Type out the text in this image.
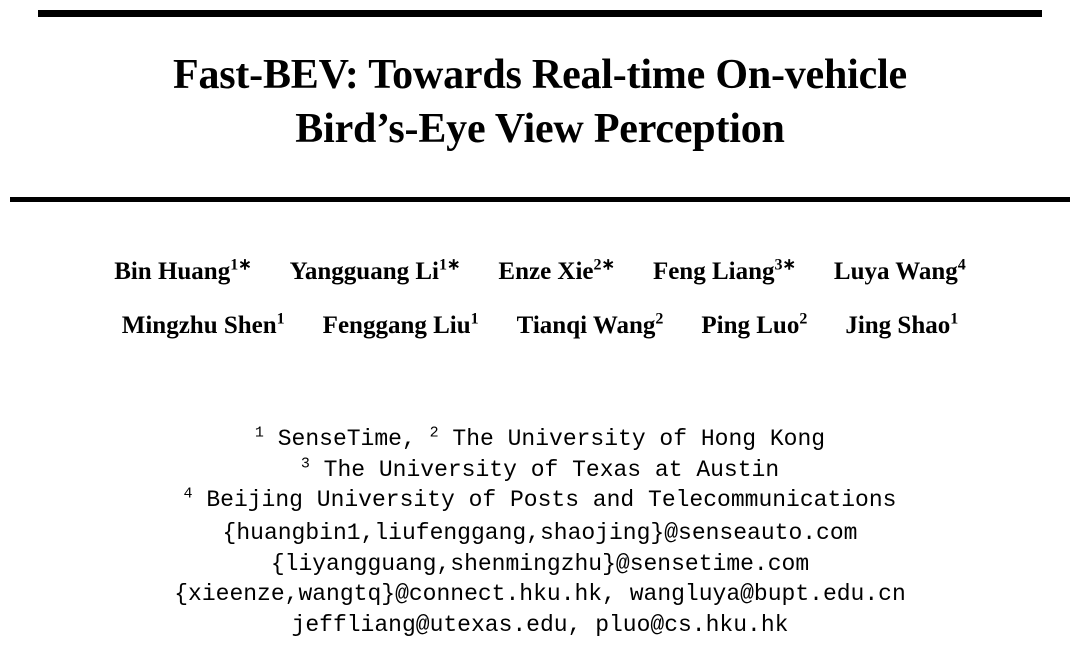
Fast-BEV: Towards Real-time On-vehicle
Bird’s-Eye View Perception
Bin Huang$^{1∗}$ Yangguang $Li^{1∗}$ Enze Xie$^{2∗}$ Feng Liang$^{3∗}$ Luya Wang$^4$
Mingzhu Shen$^1$ Fenggang Liu$^1$ Tianqi Wang$^2$ Ping Luo$^2$ Jing Shao$^1$
$^1$ SenseTime, $^2$ The University of Hong Kong
$^3$ The University of Texas at Austin
$^4$ Beijing University of Posts and Telecommunications
{huangbin1,liufenggang,shaojing}@senseauto.com
{liyangguang,shenmingzhu}@sensetime.com
{xieenze,wangtq}@connect.hku.hk, wangluya@bupt.edu.cn
jeffliang@utexas.edu, pluo@cs.hku.hk
